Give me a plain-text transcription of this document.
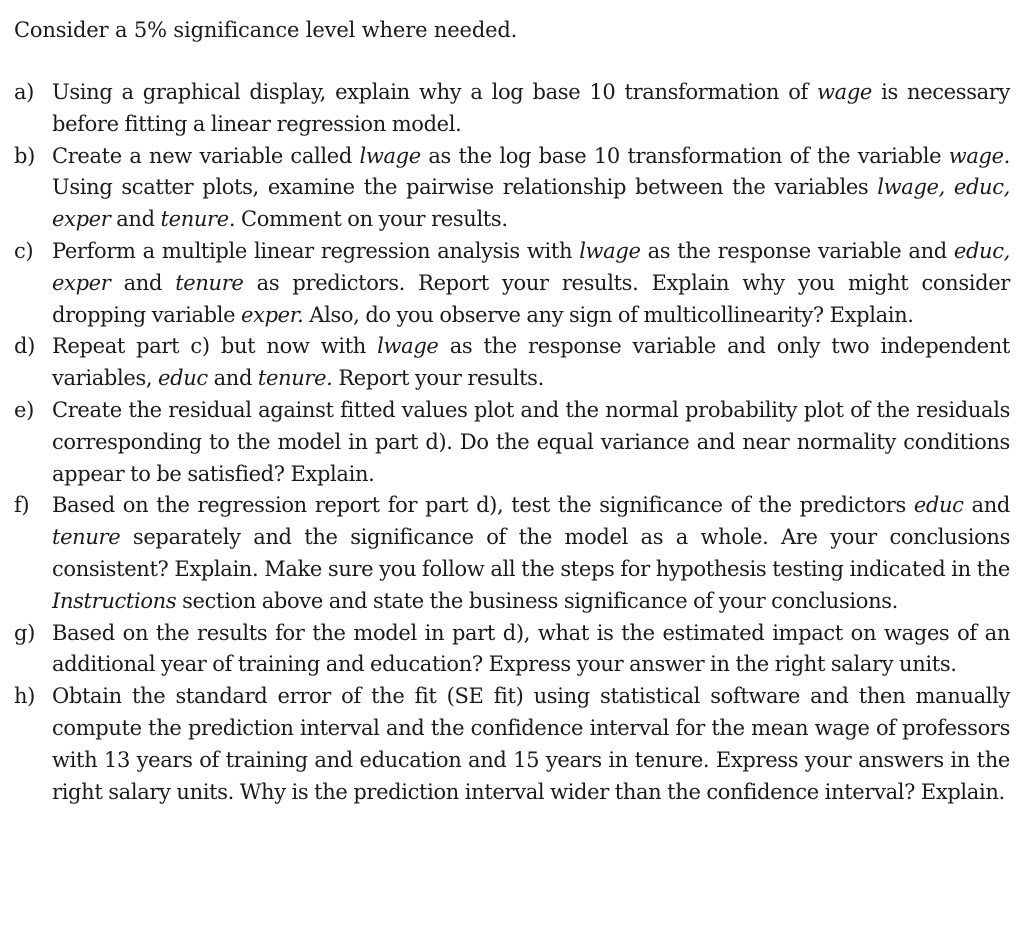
Consider a 5% significance level where needed.

a) Using a graphical display, explain why a log base 10 transformation of wage is necessary before fitting a linear regression model.
b) Create a new variable called lwage as the log base 10 transformation of the variable wage. Using scatter plots, examine the pairwise relationship between the variables lwage, educ, exper and tenure. Comment on your results.
c) Perform a multiple linear regression analysis with lwage as the response variable and educ, exper and tenure as predictors. Report your results. Explain why you might consider dropping variable exper. Also, do you observe any sign of multicollinearity? Explain.
d) Repeat part c) but now with lwage as the response variable and only two independent variables, educ and tenure. Report your results.
e) Create the residual against fitted values plot and the normal probability plot of the residuals corresponding to the model in part d). Do the equal variance and near normality conditions appear to be satisfied? Explain.
f) Based on the regression report for part d), test the significance of the predictors educ and tenure separately and the significance of the model as a whole. Are your conclusions consistent? Explain. Make sure you follow all the steps for hypothesis testing indicated in the Instructions section above and state the business significance of your conclusions.
g) Based on the results for the model in part d), what is the estimated impact on wages of an additional year of training and education? Express your answer in the right salary units.
h) Obtain the standard error of the fit (SE fit) using statistical software and then manually compute the prediction interval and the confidence interval for the mean wage of professors with 13 years of training and education and 15 years in tenure. Express your answers in the right salary units. Why is the prediction interval wider than the confidence interval? Explain.
